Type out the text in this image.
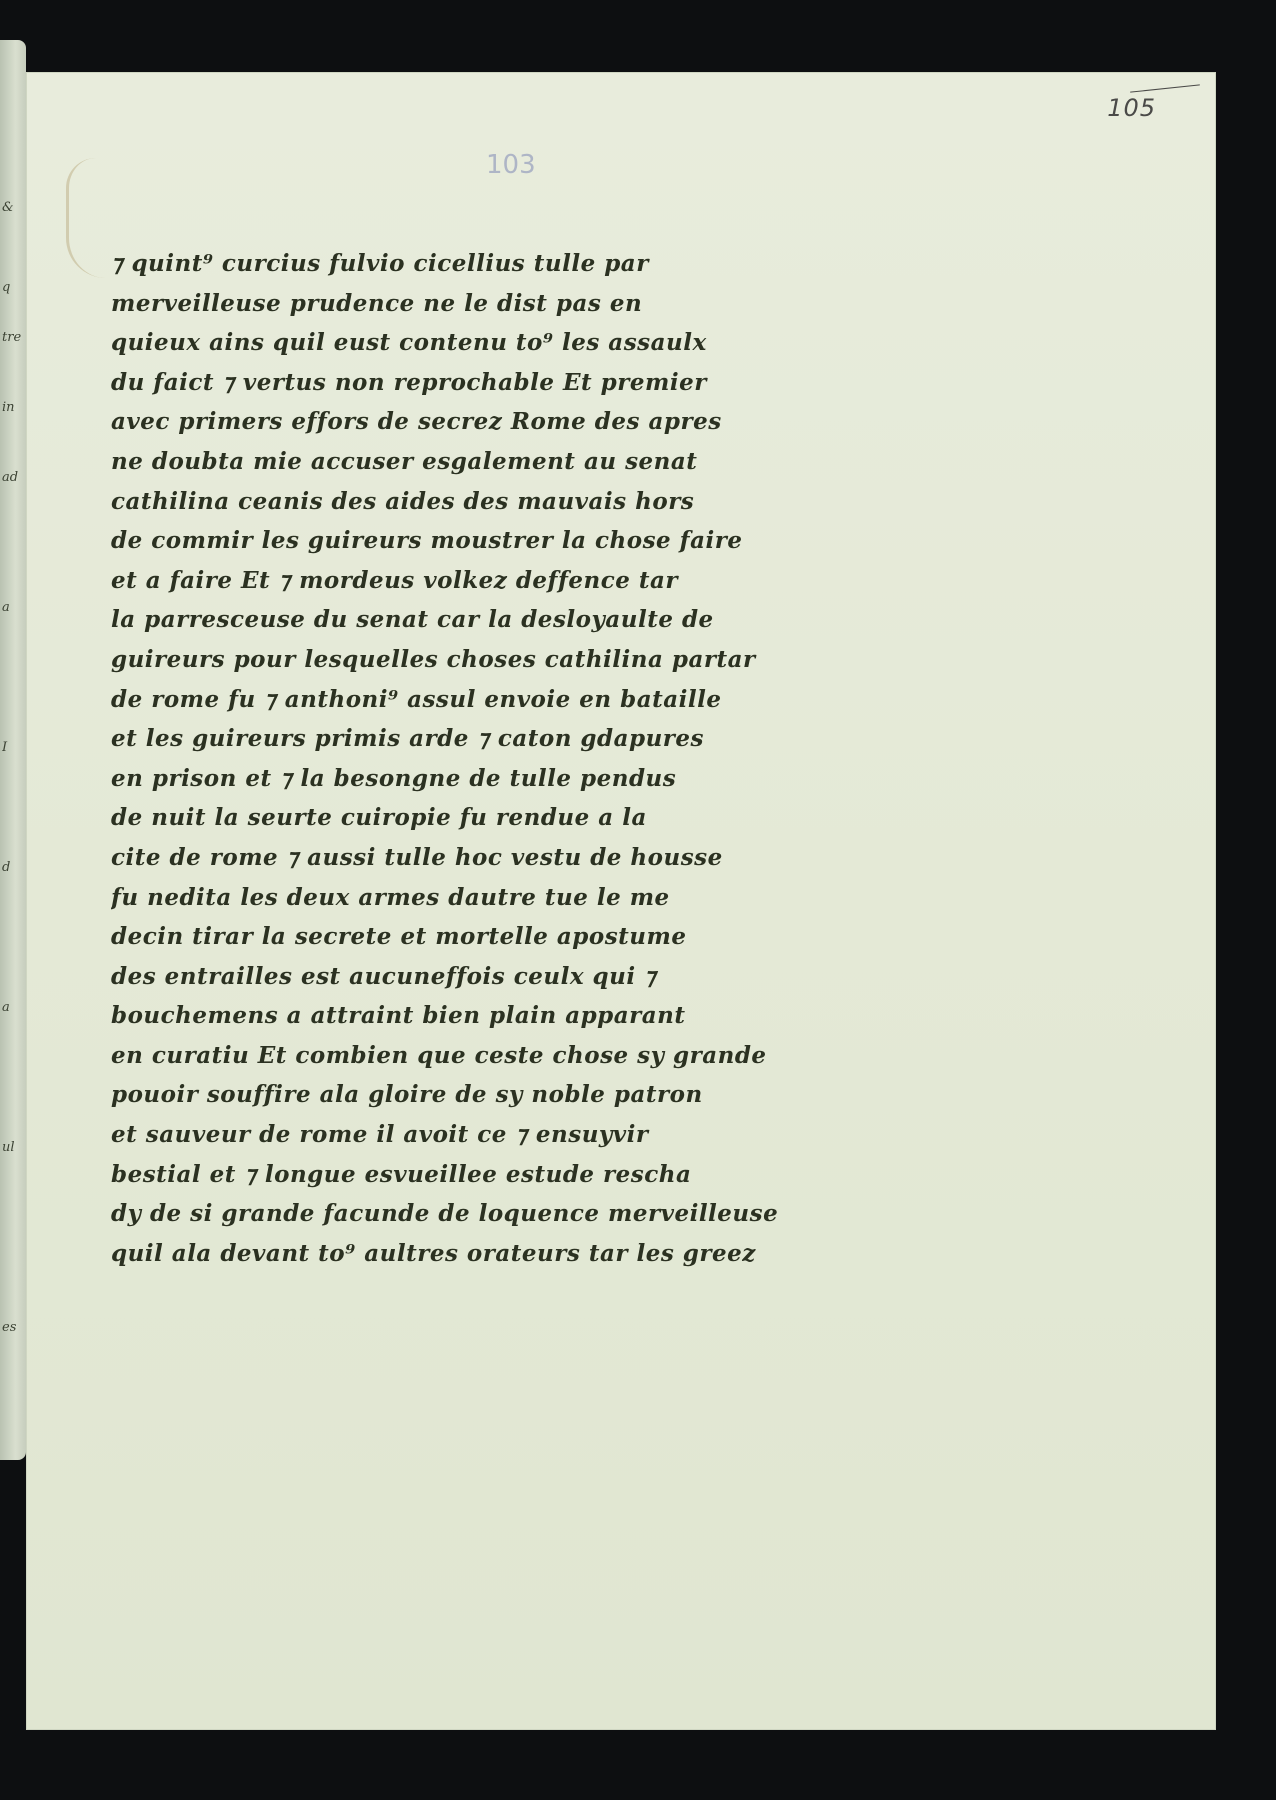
&
q
tre
in
ad
a
I
d
a
ul
es
105
103
⁊ quint⁹ curcius fulvio cicellius tulle par
merveilleuse prudence ne le dist pas en
quieux ains quil eust contenu to⁹ les assaulx
du faict ⁊ vertus non reprochable Et premier
avec primers effors de secrez Rome des apres
ne doubta mie accuser esgalement au senat
cathilina ceanis des aides des mauvais hors
de commir les guireurs moustrer la chose faire
et a faire Et ⁊ mordeus volkez deffence tar
la parresceuse du senat car la desloyaulte de
guireurs pour lesquelles choses cathilina partar
de rome fu ⁊ anthoni⁹ assul envoie en bataille
et les guireurs primis arde ⁊ caton gdapures
en prison et ⁊ la besongne de tulle pendus
de nuit la seurte cuiropie fu rendue a la
cite de rome ⁊ aussi tulle hoc vestu de housse
fu nedita les deux armes dautre tue le me
decin tirar la secrete et mortelle apostume
des entrailles est aucuneffois ceulx qui ⁊
bouchemens a attraint bien plain apparant
en curatiu Et combien que ceste chose sy grande
pouoir souffire ala gloire de sy noble patron
et sauveur de rome il avoit ce ⁊ ensuyvir
bestial et ⁊ longue esvueillee estude rescha
dy de si grande facunde de loquence merveilleuse
quil ala devant to⁹ aultres orateurs tar les greez
